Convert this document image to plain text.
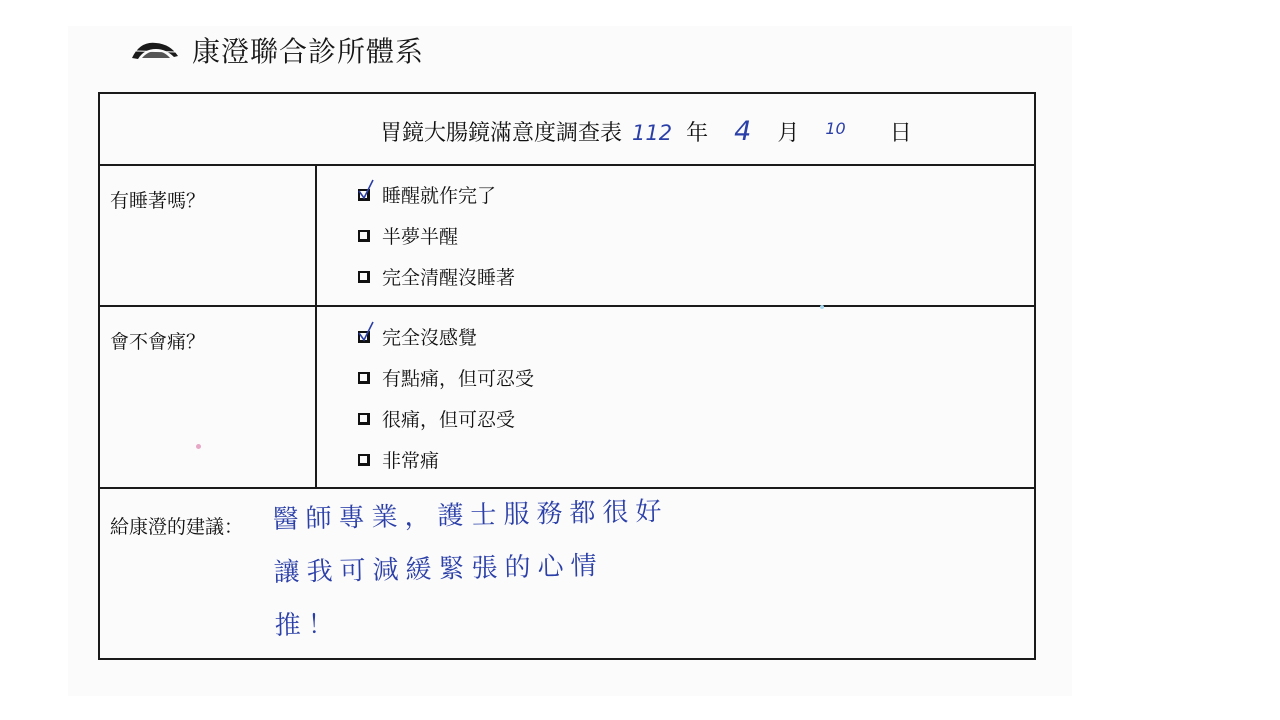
康澄聯合診所體系
胃鏡大腸鏡滿意度調查表 112 年 4 月 10 日
有睡著嗎？	睡醒就作完了
半夢半醒
完全清醒沒睡著
會不會痛？	完全沒感覺
有點痛，但可忍受
很痛，但可忍受
非常痛
給康澄的建議： 醫師專業，護士服務都很好
讓我可減緩緊張的心情
推！
